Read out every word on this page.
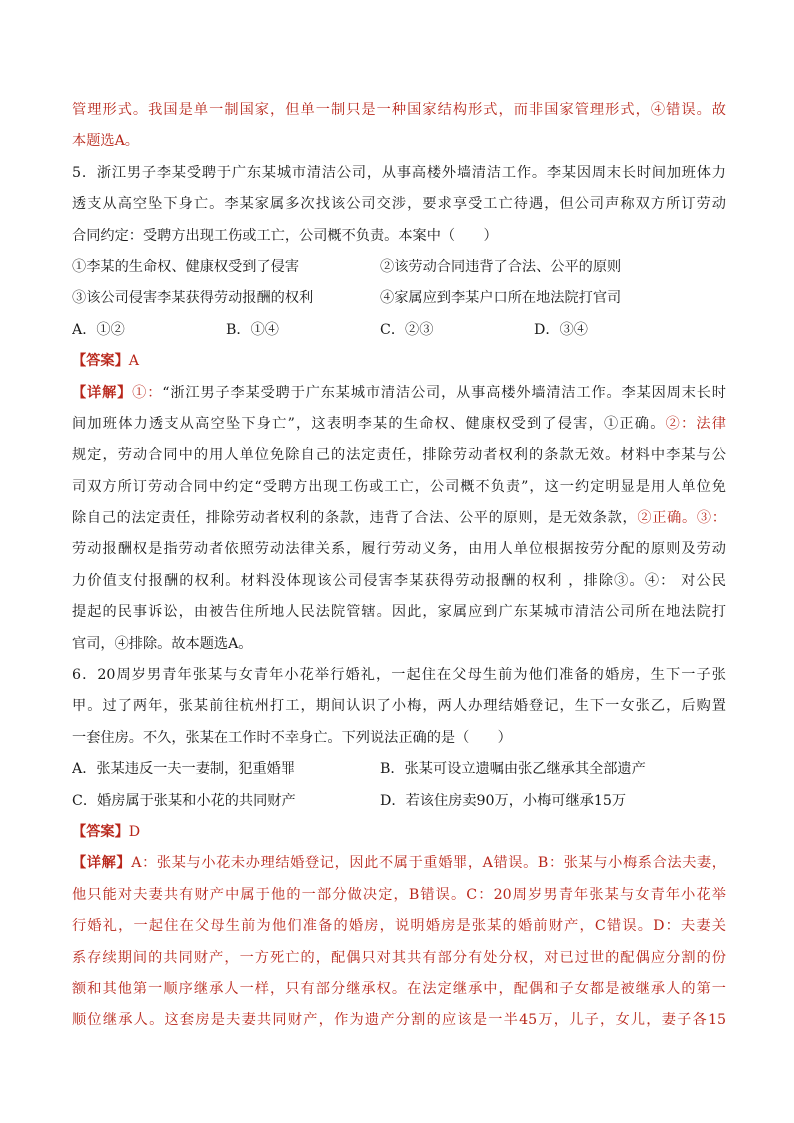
管理形式。我国是单一制国家，但单一制只是一种国家结构形式，而非国家管理形式，④错误。故
本题选A。
5．浙江男子李某受聘于广东某城市清洁公司，从事高楼外墙清洁工作。李某因周末长时间加班体力
透支从高空坠下身亡。李某家属多次找该公司交涉，要求享受工亡待遇，但公司声称双方所订劳动
合同约定：受聘方出现工伤或工亡，公司概不负责。本案中（　　）
①李某的生命权、健康权受到了侵害	②该劳动合同违背了合法、公平的原则
③该公司侵害李某获得劳动报酬的权利	④家属应到李某户口所在地法院打官司
A．①②	B．①④	C．②③	D．③④
【答案】A
【详解】①：“浙江男子李某受聘于广东某城市清洁公司，从事高楼外墙清洁工作。李某因周末长时
间加班体力透支从高空坠下身亡”，这表明李某的生命权、健康权受到了侵害，①正确。②：法律
规定，劳动合同中的用人单位免除自己的法定责任，排除劳动者权利的条款无效。材料中李某与公
司双方所订劳动合同中约定“受聘方出现工伤或工亡，公司概不负责”，这一约定明显是用人单位免
除自己的法定责任，排除劳动者权利的条款，违背了合法、公平的原则，是无效条款，②正确。③：
劳动报酬权是指劳动者依照劳动法律关系，履行劳动义务，由用人单位根据按劳分配的原则及劳动
力价值支付报酬的权利。材料没体现该公司侵害李某获得劳动报酬的权利 ，排除③。④： 对公民
提起的民事诉讼，由被告住所地人民法院管辖。因此，家属应到广东某城市清洁公司所在地法院打
官司，④排除。故本题选A。
6．20周岁男青年张某与女青年小花举行婚礼，一起住在父母生前为他们准备的婚房，生下一子张
甲。过了两年，张某前往杭州打工，期间认识了小梅，两人办理结婚登记，生下一女张乙，后购置
一套住房。不久，张某在工作时不幸身亡。下列说法正确的是（　　）
A．张某违反一夫一妻制，犯重婚罪	B．张某可设立遗嘱由张乙继承其全部遗产
C．婚房属于张某和小花的共同财产	D．若该住房卖90万，小梅可继承15万
【答案】D
【详解】A：张某与小花未办理结婚登记，因此不属于重婚罪，A错误。B：张某与小梅系合法夫妻，
他只能对夫妻共有财产中属于他的一部分做决定，B错误。C：20周岁男青年张某与女青年小花举
行婚礼，一起住在父母生前为他们准备的婚房，说明婚房是张某的婚前财产，C错误。D：夫妻关
系存续期间的共同财产，一方死亡的，配偶只对其共有部分有处分权，对已过世的配偶应分割的份
额和其他第一顺序继承人一样，只有部分继承权。在法定继承中，配偶和子女都是被继承人的第一
顺位继承人。这套房是夫妻共同财产，作为遗产分割的应该是一半45万，儿子，女儿，妻子各15
